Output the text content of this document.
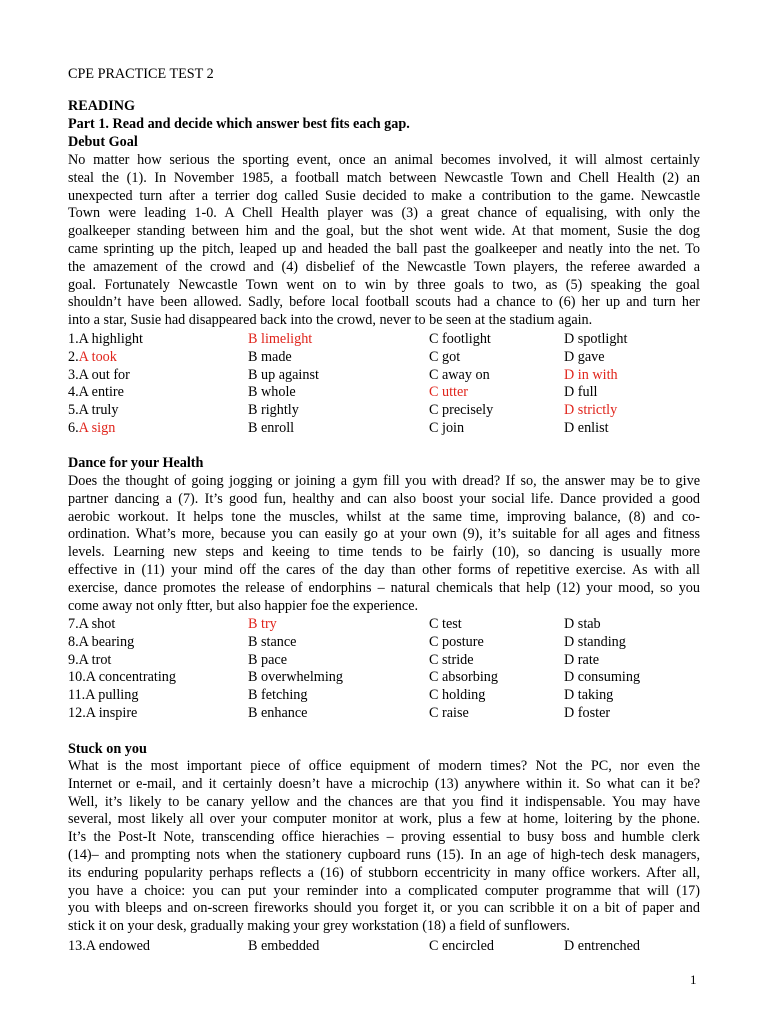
CPE PRACTICE TEST 2
READING
Part 1. Read and decide which answer best fits each gap.
Debut Goal
No matter how serious the sporting event, once an animal becomes involved, it will almost certainly
steal the (1). In November 1985, a football match between Newcastle Town and Chell Health (2) an
unexpected turn after a terrier dog called Susie decided to make a contribution to the game. Newcastle
Town were leading 1-0. A Chell Health player was (3) a great chance of equalising, with only the
goalkeeper standing between him and the goal, but the shot went wide. At that moment, Susie the dog
came sprinting up the pitch, leaped up and headed the ball past the goalkeeper and neatly into the net. To
the amazement of the crowd and (4) disbelief of the Newcastle Town players, the referee awarded a
goal. Fortunately Newcastle Town went on to win by three goals to two, as (5) speaking the goal
shouldn’t have been allowed. Sadly, before local football scouts had a chance to (6) her up and turn her
into a star, Susie had disappeared back into the crowd, never to be seen at the stadium again.
1.A highlight	B limelight	C footlight	D spotlight
2.A took	B made	C got	D gave
3.A out for	B up against	C away on	D in with
4.A entire	B whole	C utter	D full
5.A truly	B rightly	C precisely	D strictly
6.A sign	B enroll	C join	D enlist
Dance for your Health
Does the thought of going jogging or joining a gym fill you with dread? If so, the answer may be to give
partner dancing a (7). It’s good fun, healthy and can also boost your social life. Dance provided a good
aerobic workout. It helps tone the muscles, whilst at the same time, improving balance, (8) and co-
ordination. What’s more, because you can easily go at your own (9), it’s suitable for all ages and fitness
levels. Learning new steps and keeing to time tends to be fairly (10), so dancing is usually more
effective in (11) your mind off the cares of the day than other forms of repetitive exercise. As with all
exercise, dance promotes the release of endorphins – natural chemicals that help (12) your mood, so you
come away not only ftter, but also happier foe the experience.
7.A shot	B try	C test	D stab
8.A bearing	B stance	C posture	D standing
9.A trot	B pace	C stride	D rate
10.A concentrating	B overwhelming	C absorbing	D consuming
11.A pulling	B fetching	C holding	D taking
12.A inspire	B enhance	C raise	D foster
Stuck on you
What is the most important piece of office equipment of modern times? Not the PC, nor even the
Internet or e-mail, and it certainly doesn’t have a microchip (13) anywhere within it. So what can it be?
Well, it’s likely to be canary yellow and the chances are that you find it indispensable. You may have
several, most likely all over your computer monitor at work, plus a few at home, loitering by the phone.
It’s the Post-It Note, transcending office hierachies – proving essential to busy boss and humble clerk
(14)– and prompting nots when the stationery cupboard runs (15). In an age of high-tech desk managers,
its enduring popularity perhaps reflects a (16) of stubborn eccentricity in many office workers. After all,
you have a choice: you can put your reminder into a complicated computer programme that will (17)
you with bleeps and on-screen fireworks should you forget it, or you can scribble it on a bit of paper and
stick it on your desk, gradually making your grey workstation (18) a field of sunflowers.
13.A endowed	B embedded	C encircled	D entrenched
1
